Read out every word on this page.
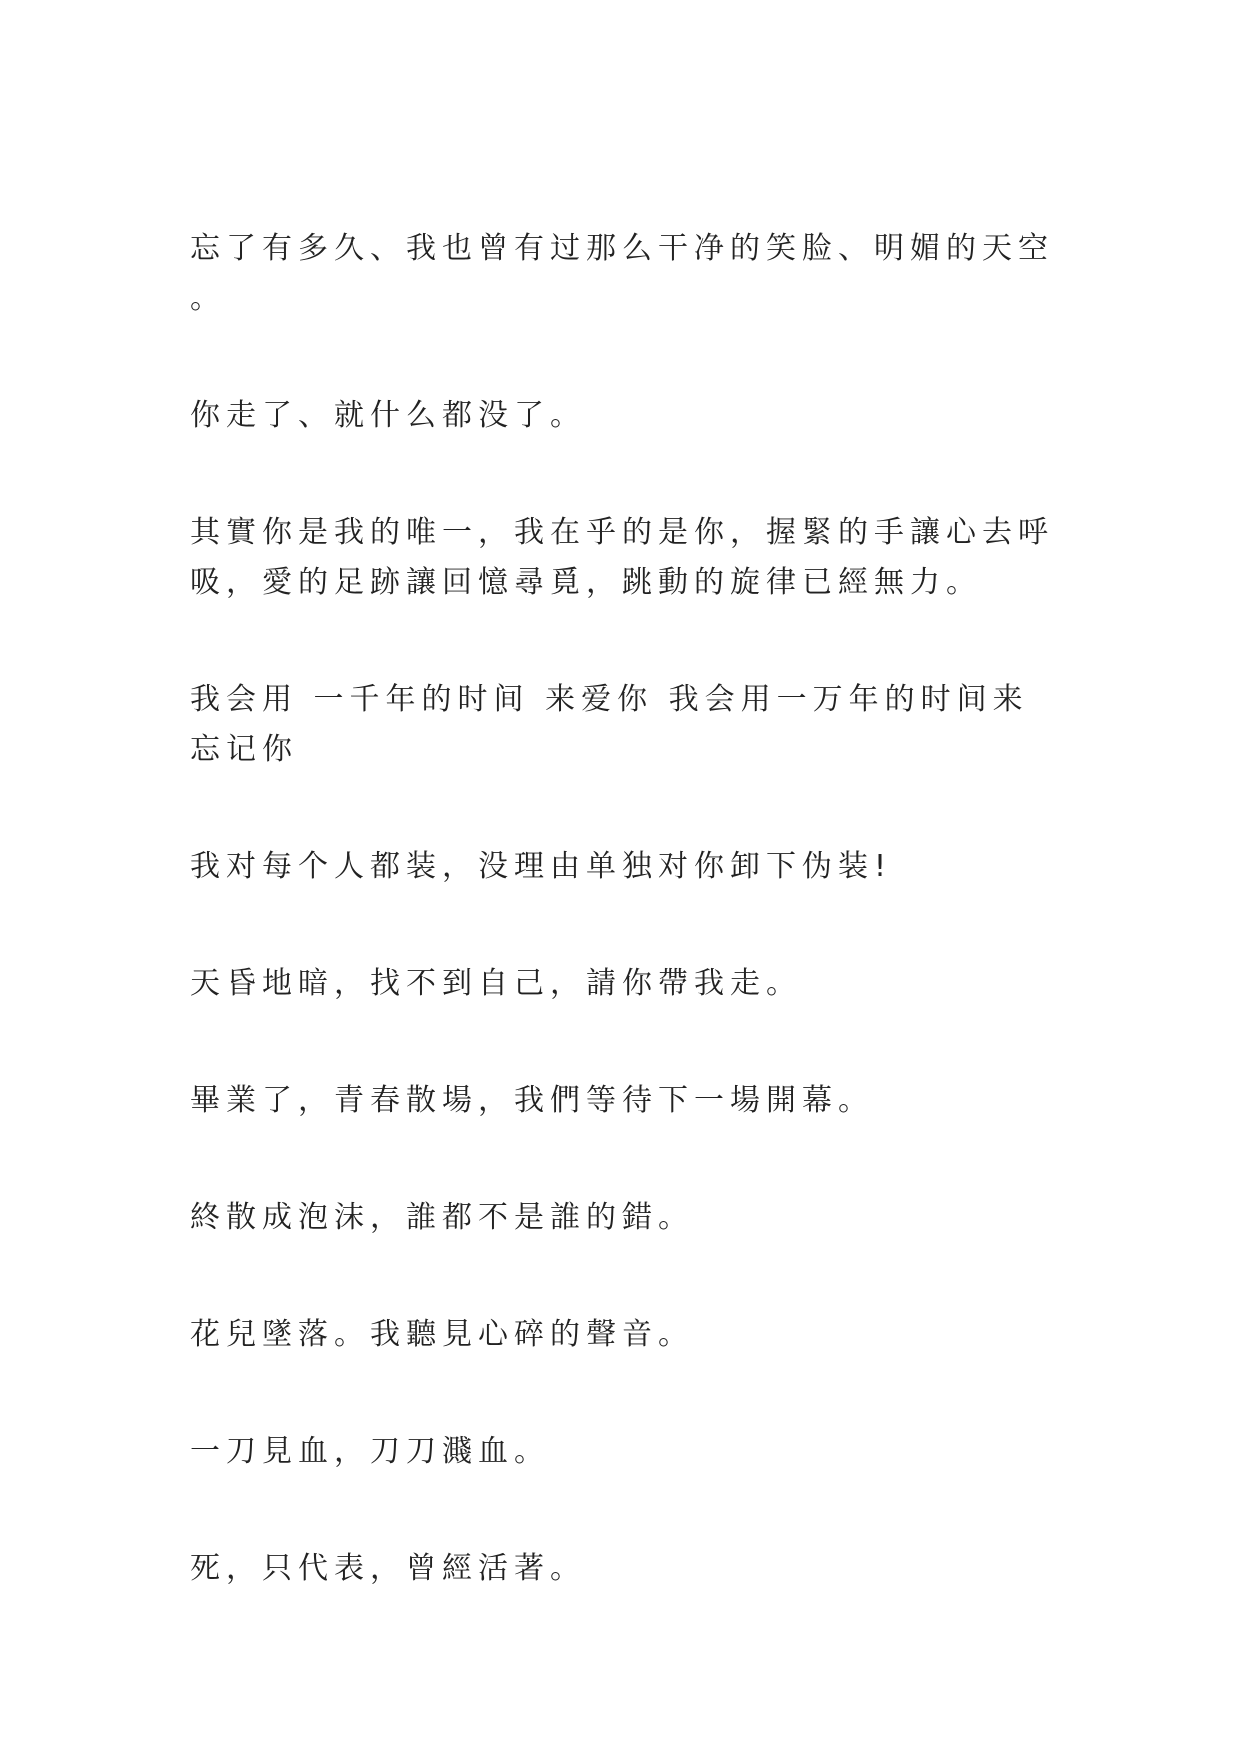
忘了有多久、我也曾有过那么干净的笑脸、明媚的天空 。

你走了、就什么都没了。

其實你是我的唯一，我在乎的是你，握緊的手讓心去呼吸，愛的足跡讓回憶尋覓，跳動的旋律已經無力。

我会用 一千年的时间 来爱你 我会用一万年的时间来忘记你

我对每个人都装，没理由单独对你卸下伪装!

天昏地暗，找不到自己，請你帶我走。

畢業了，青春散場，我們等待下一場開幕。

終散成泡沫，誰都不是誰的錯。

花兒墜落。我聽見心碎的聲音。

一刀見血，刀刀濺血。

死，只代表，曾經活著。
